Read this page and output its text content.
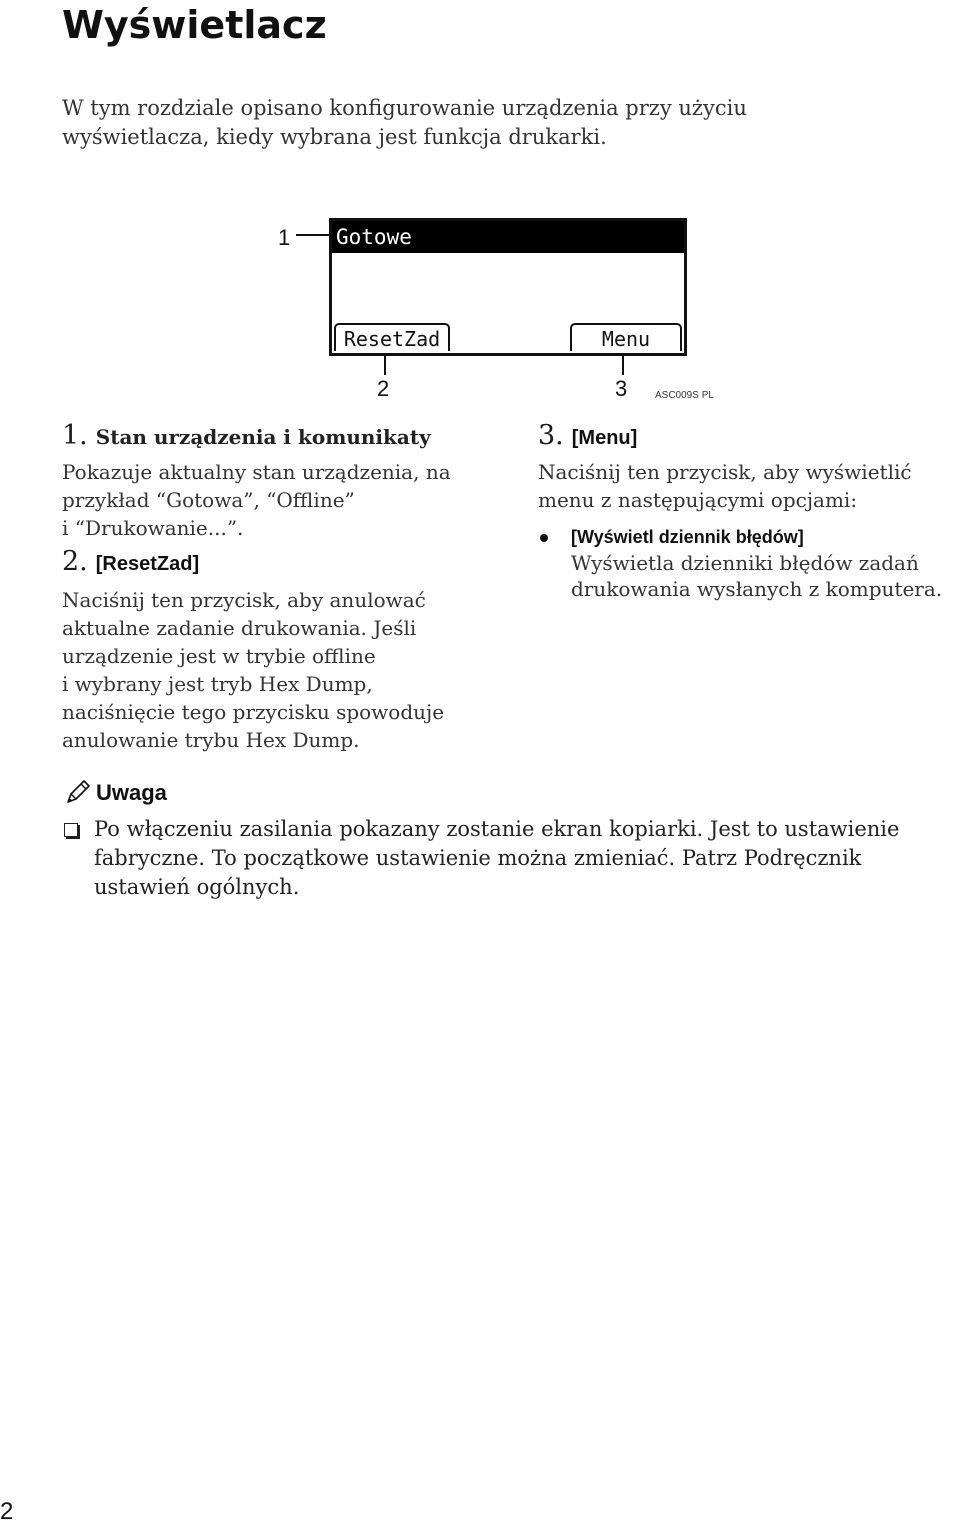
Wyświetlacz
W tym rozdziale opisano konfigurowanie urządzenia przy użyciu
wyświetlacza, kiedy wybrana jest funkcja drukarki.
1 Gotowe
ResetZad	Menu
2	3	ASC009S PL
1. Stan urządzenia i komunikaty
Pokazuje aktualny stan urządzenia, na
przykład “Gotowa”, “Offline”
i “Drukowanie...”.
2. [ResetZad]
Naciśnij ten przycisk, aby anulować
aktualne zadanie drukowania. Jeśli
urządzenie jest w trybie offline
i wybrany jest tryb Hex Dump,
naciśnięcie tego przycisku spowoduje
anulowanie trybu Hex Dump.
3. [Menu]
Naciśnij ten przycisk, aby wyświetlić
menu z następującymi opcjami:
[Wyświetl dziennik błędów]
Wyświetla dzienniki błędów zadań
drukowania wysłanych z komputera.
Uwaga
Po włączeniu zasilania pokazany zostanie ekran kopiarki. Jest to ustawienie
fabryczne. To początkowe ustawienie można zmieniać. Patrz Podręcznik
ustawień ogólnych.
2
